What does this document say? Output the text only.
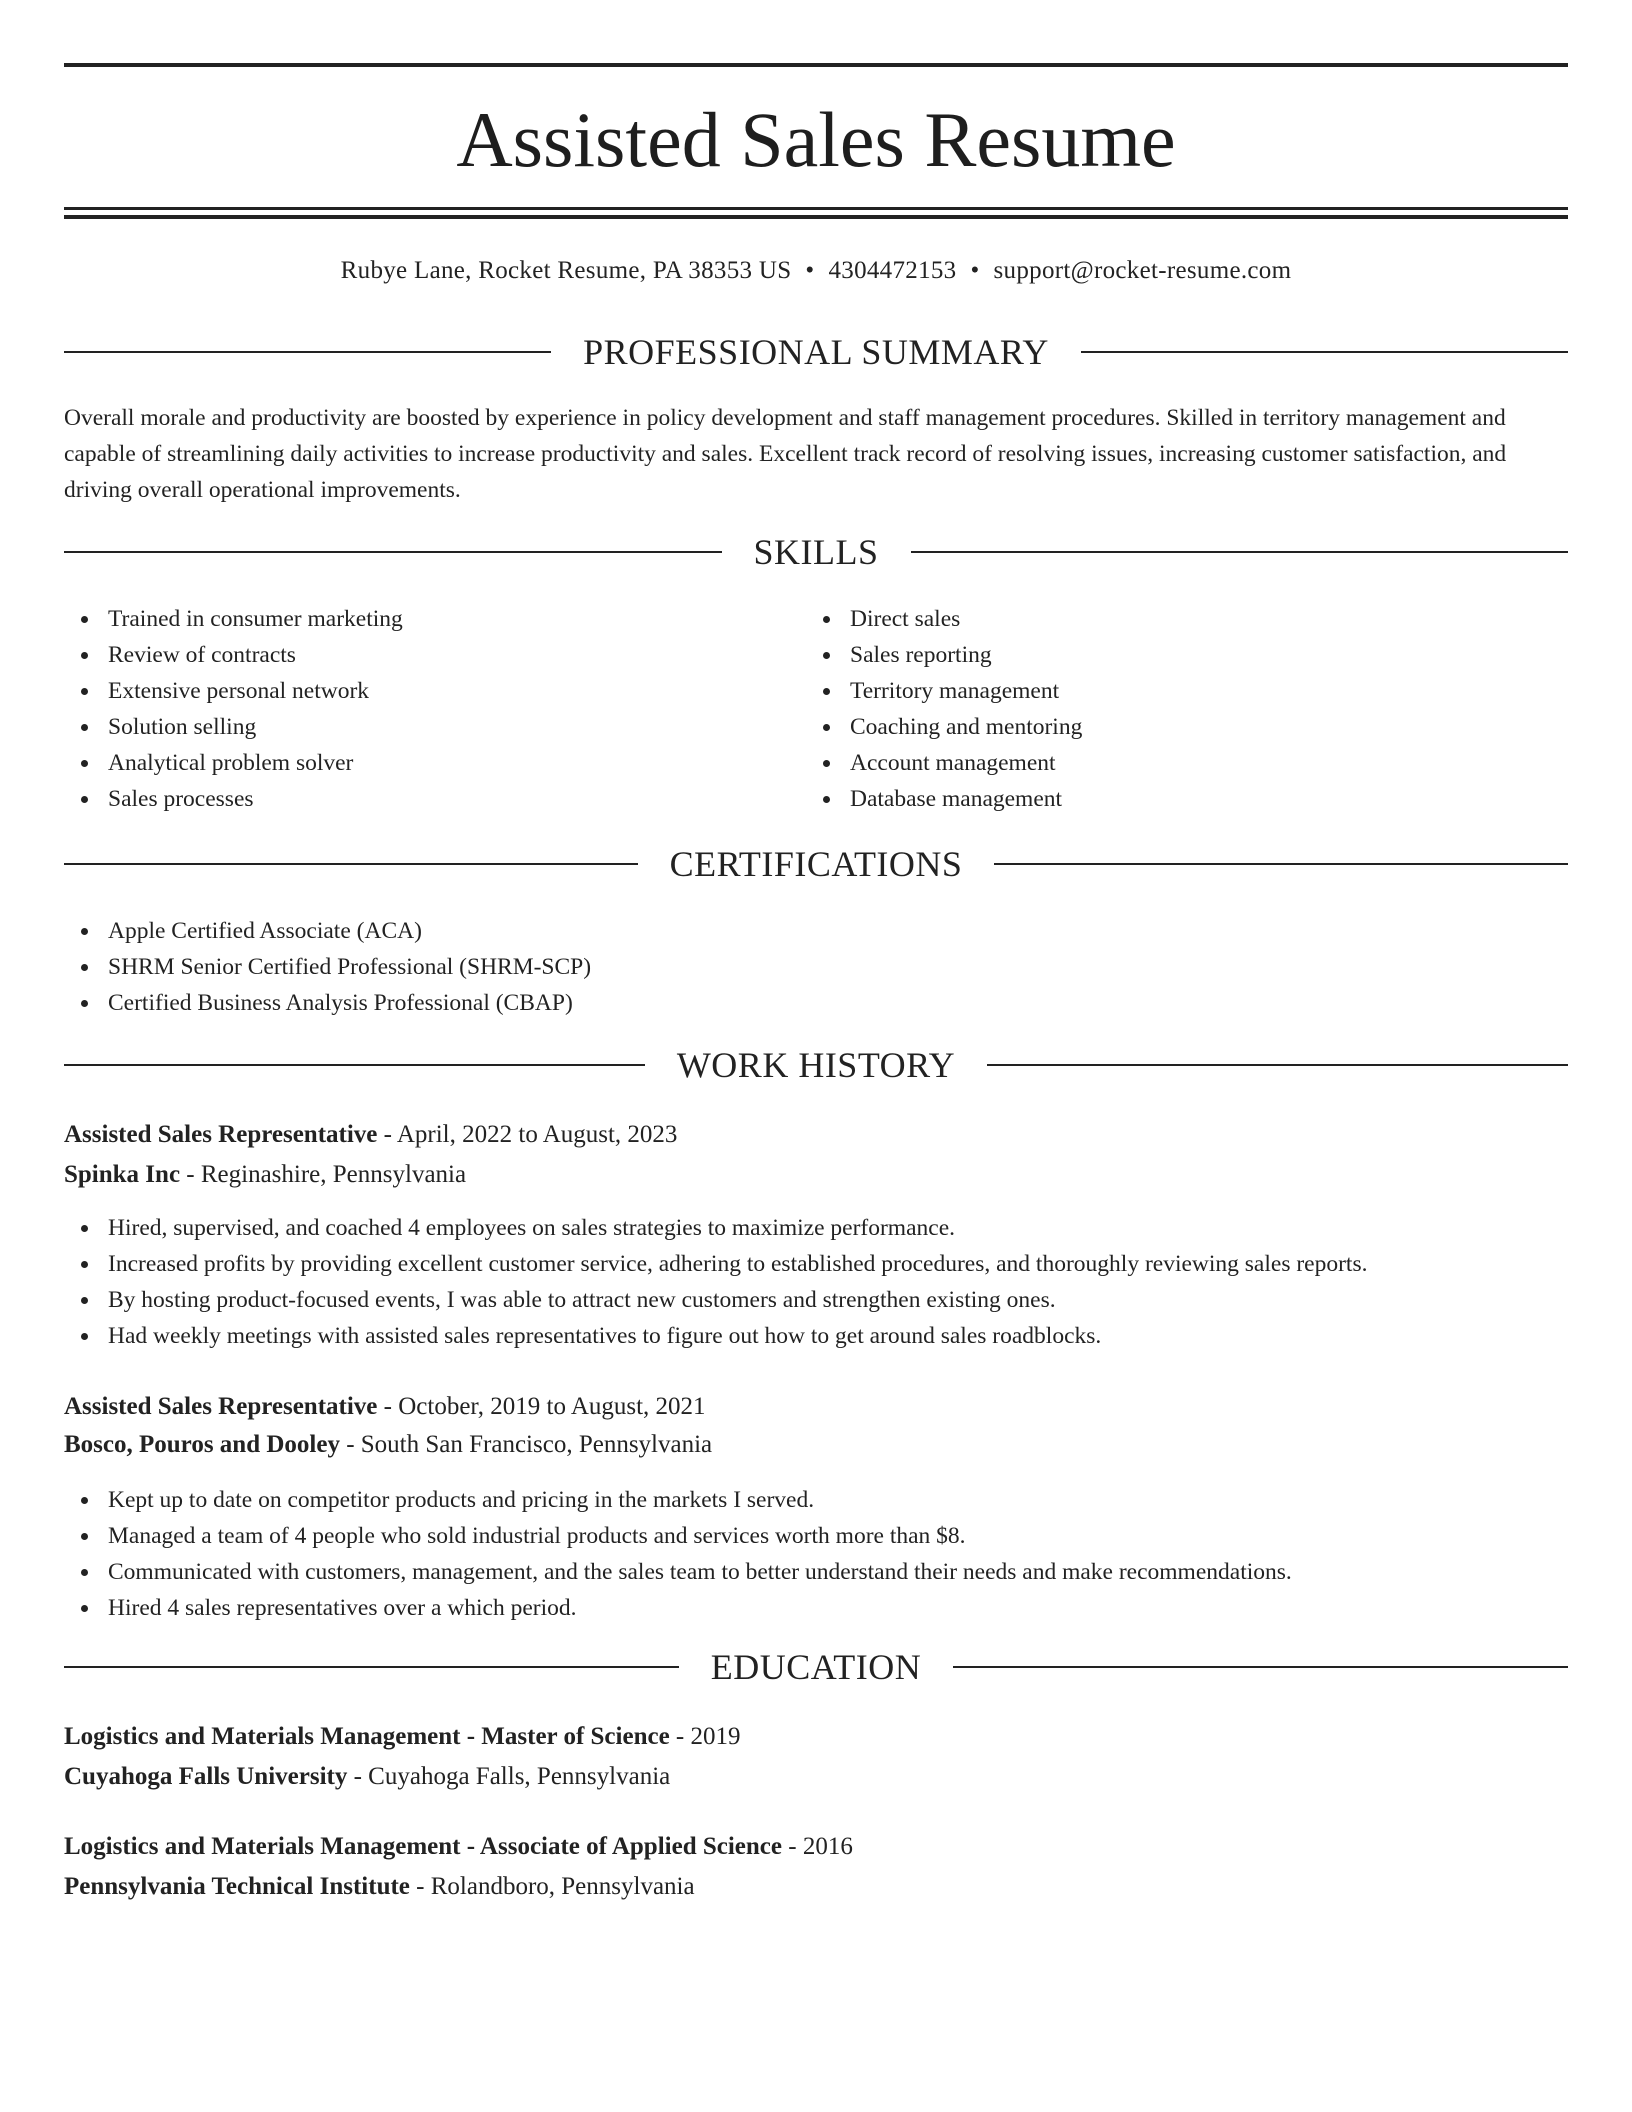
Assisted Sales Resume
Rubye Lane, Rocket Resume, PA 38353 US • 4304472153 • support@rocket-resume.com
PROFESSIONAL SUMMARY

Overall morale and productivity are boosted by experience in policy development and staff management procedures. Skilled in territory management and capable of streamlining daily activities to increase productivity and sales. Excellent track record of resolving issues, increasing customer satisfaction, and driving overall operational improvements.

SKILLS
Trained in consumer marketing
Review of contracts
Extensive personal network
Solution selling
Analytical problem solver
Sales processes
Direct sales
Sales reporting
Territory management
Coaching and mentoring
Account management
Database management
CERTIFICATIONS
Apple Certified Associate (ACA)
SHRM Senior Certified Professional (SHRM-SCP)
Certified Business Analysis Professional (CBAP)
WORK HISTORY
Assisted Sales Representative - April, 2022 to August, 2023
Spinka Inc - Reginashire, Pennsylvania
Hired, supervised, and coached 4 employees on sales strategies to maximize performance.
Increased profits by providing excellent customer service, adhering to established procedures, and thoroughly reviewing sales reports.
By hosting product-focused events, I was able to attract new customers and strengthen existing ones.
Had weekly meetings with assisted sales representatives to figure out how to get around sales roadblocks.
Assisted Sales Representative - October, 2019 to August, 2021
Bosco, Pouros and Dooley - South San Francisco, Pennsylvania
Kept up to date on competitor products and pricing in the markets I served.
Managed a team of 4 people who sold industrial products and services worth more than $8.
Communicated with customers, management, and the sales team to better understand their needs and make recommendations.
Hired 4 sales representatives over a which period.
EDUCATION
Logistics and Materials Management - Master of Science - 2019
Cuyahoga Falls University - Cuyahoga Falls, Pennsylvania
Logistics and Materials Management - Associate of Applied Science - 2016
Pennsylvania Technical Institute - Rolandboro, Pennsylvania
